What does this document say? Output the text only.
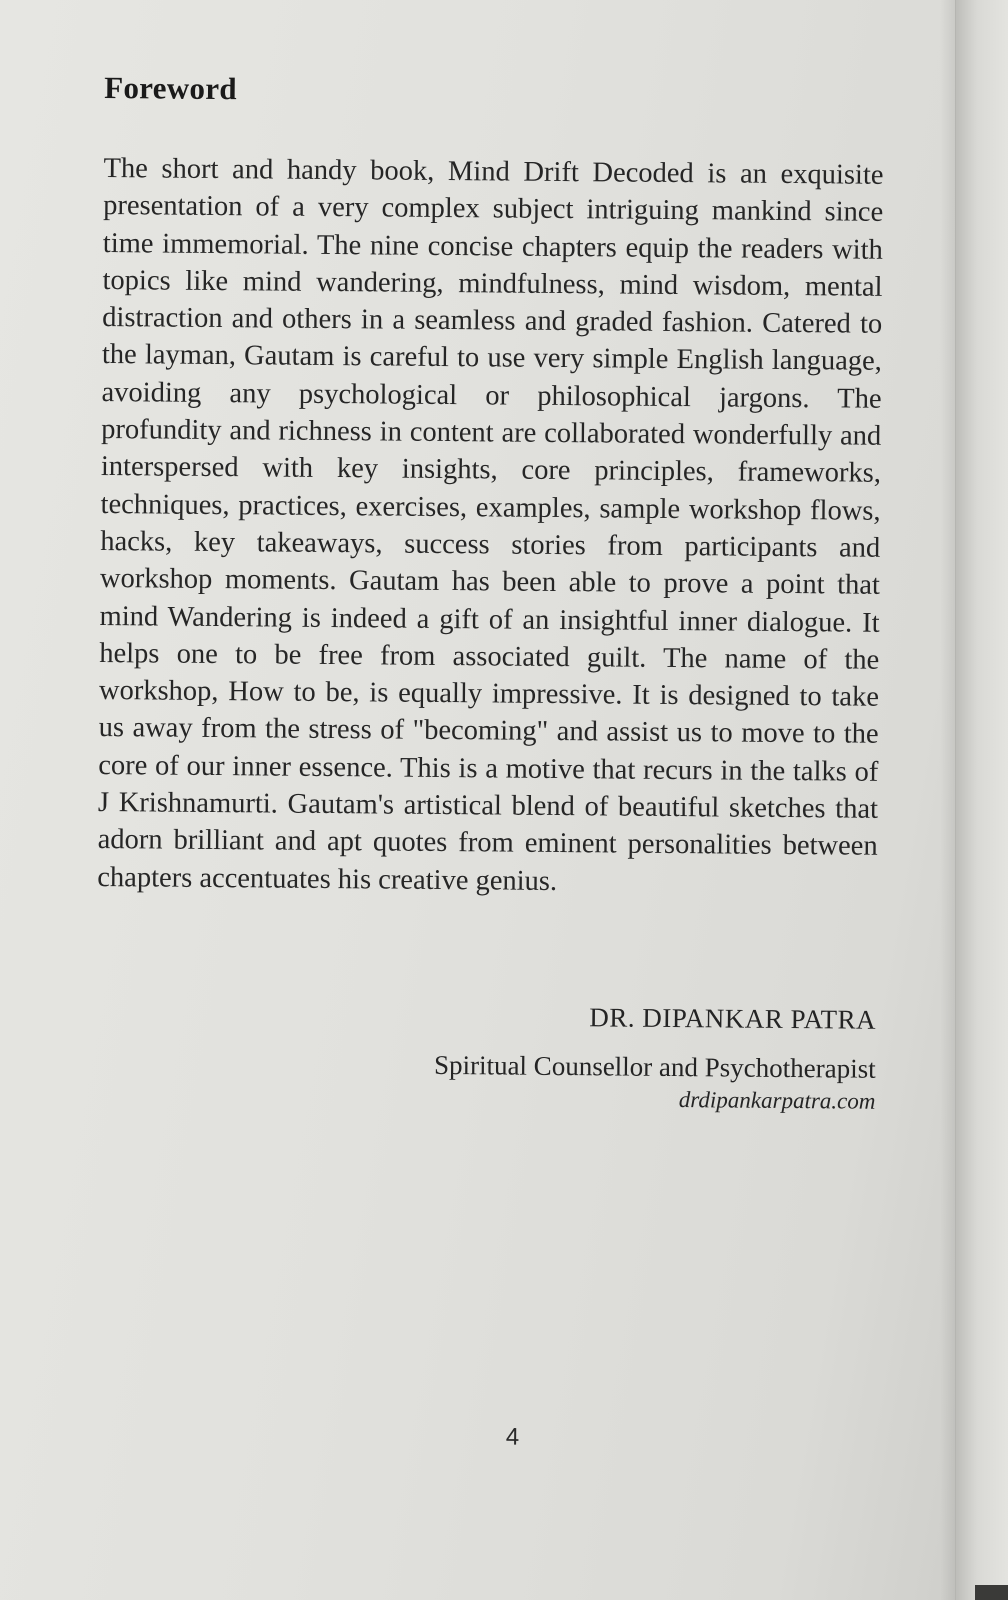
Foreword
The short and handy book, Mind Drift Decoded is an exquisite presentation of a very complex subject intriguing mankind since time immemorial. The nine concise chapters equip the readers with topics like mind wandering, mindfulness, mind wisdom, mental distraction and others in a seamless and graded fashion. Catered to the layman, Gautam is careful to use very simple English language, avoiding any psychological or philosophical jargons. The profundity and richness in content are collaborated wonderfully and interspersed with key insights, core principles, frameworks, techniques, practices, exercises, examples, sample workshop flows, hacks, key takeaways, success stories from participants and workshop moments. Gautam has been able to prove a point that mind Wandering is indeed a gift of an insightful inner dialogue. It helps one to be free from associated guilt. The name of the workshop, How to be, is equally impressive. It is designed to take us away from the stress of "becoming" and assist us to move to the core of our inner essence. This is a motive that recurs in the talks of J Krishnamurti. Gautam's artistical blend of beautiful sketches that adorn brilliant and apt quotes from eminent personalities between chapters accentuates his creative genius.
DR. DIPANKAR PATRA
Spiritual Counsellor and Psychotherapist
drdipankarpatra.com
4
